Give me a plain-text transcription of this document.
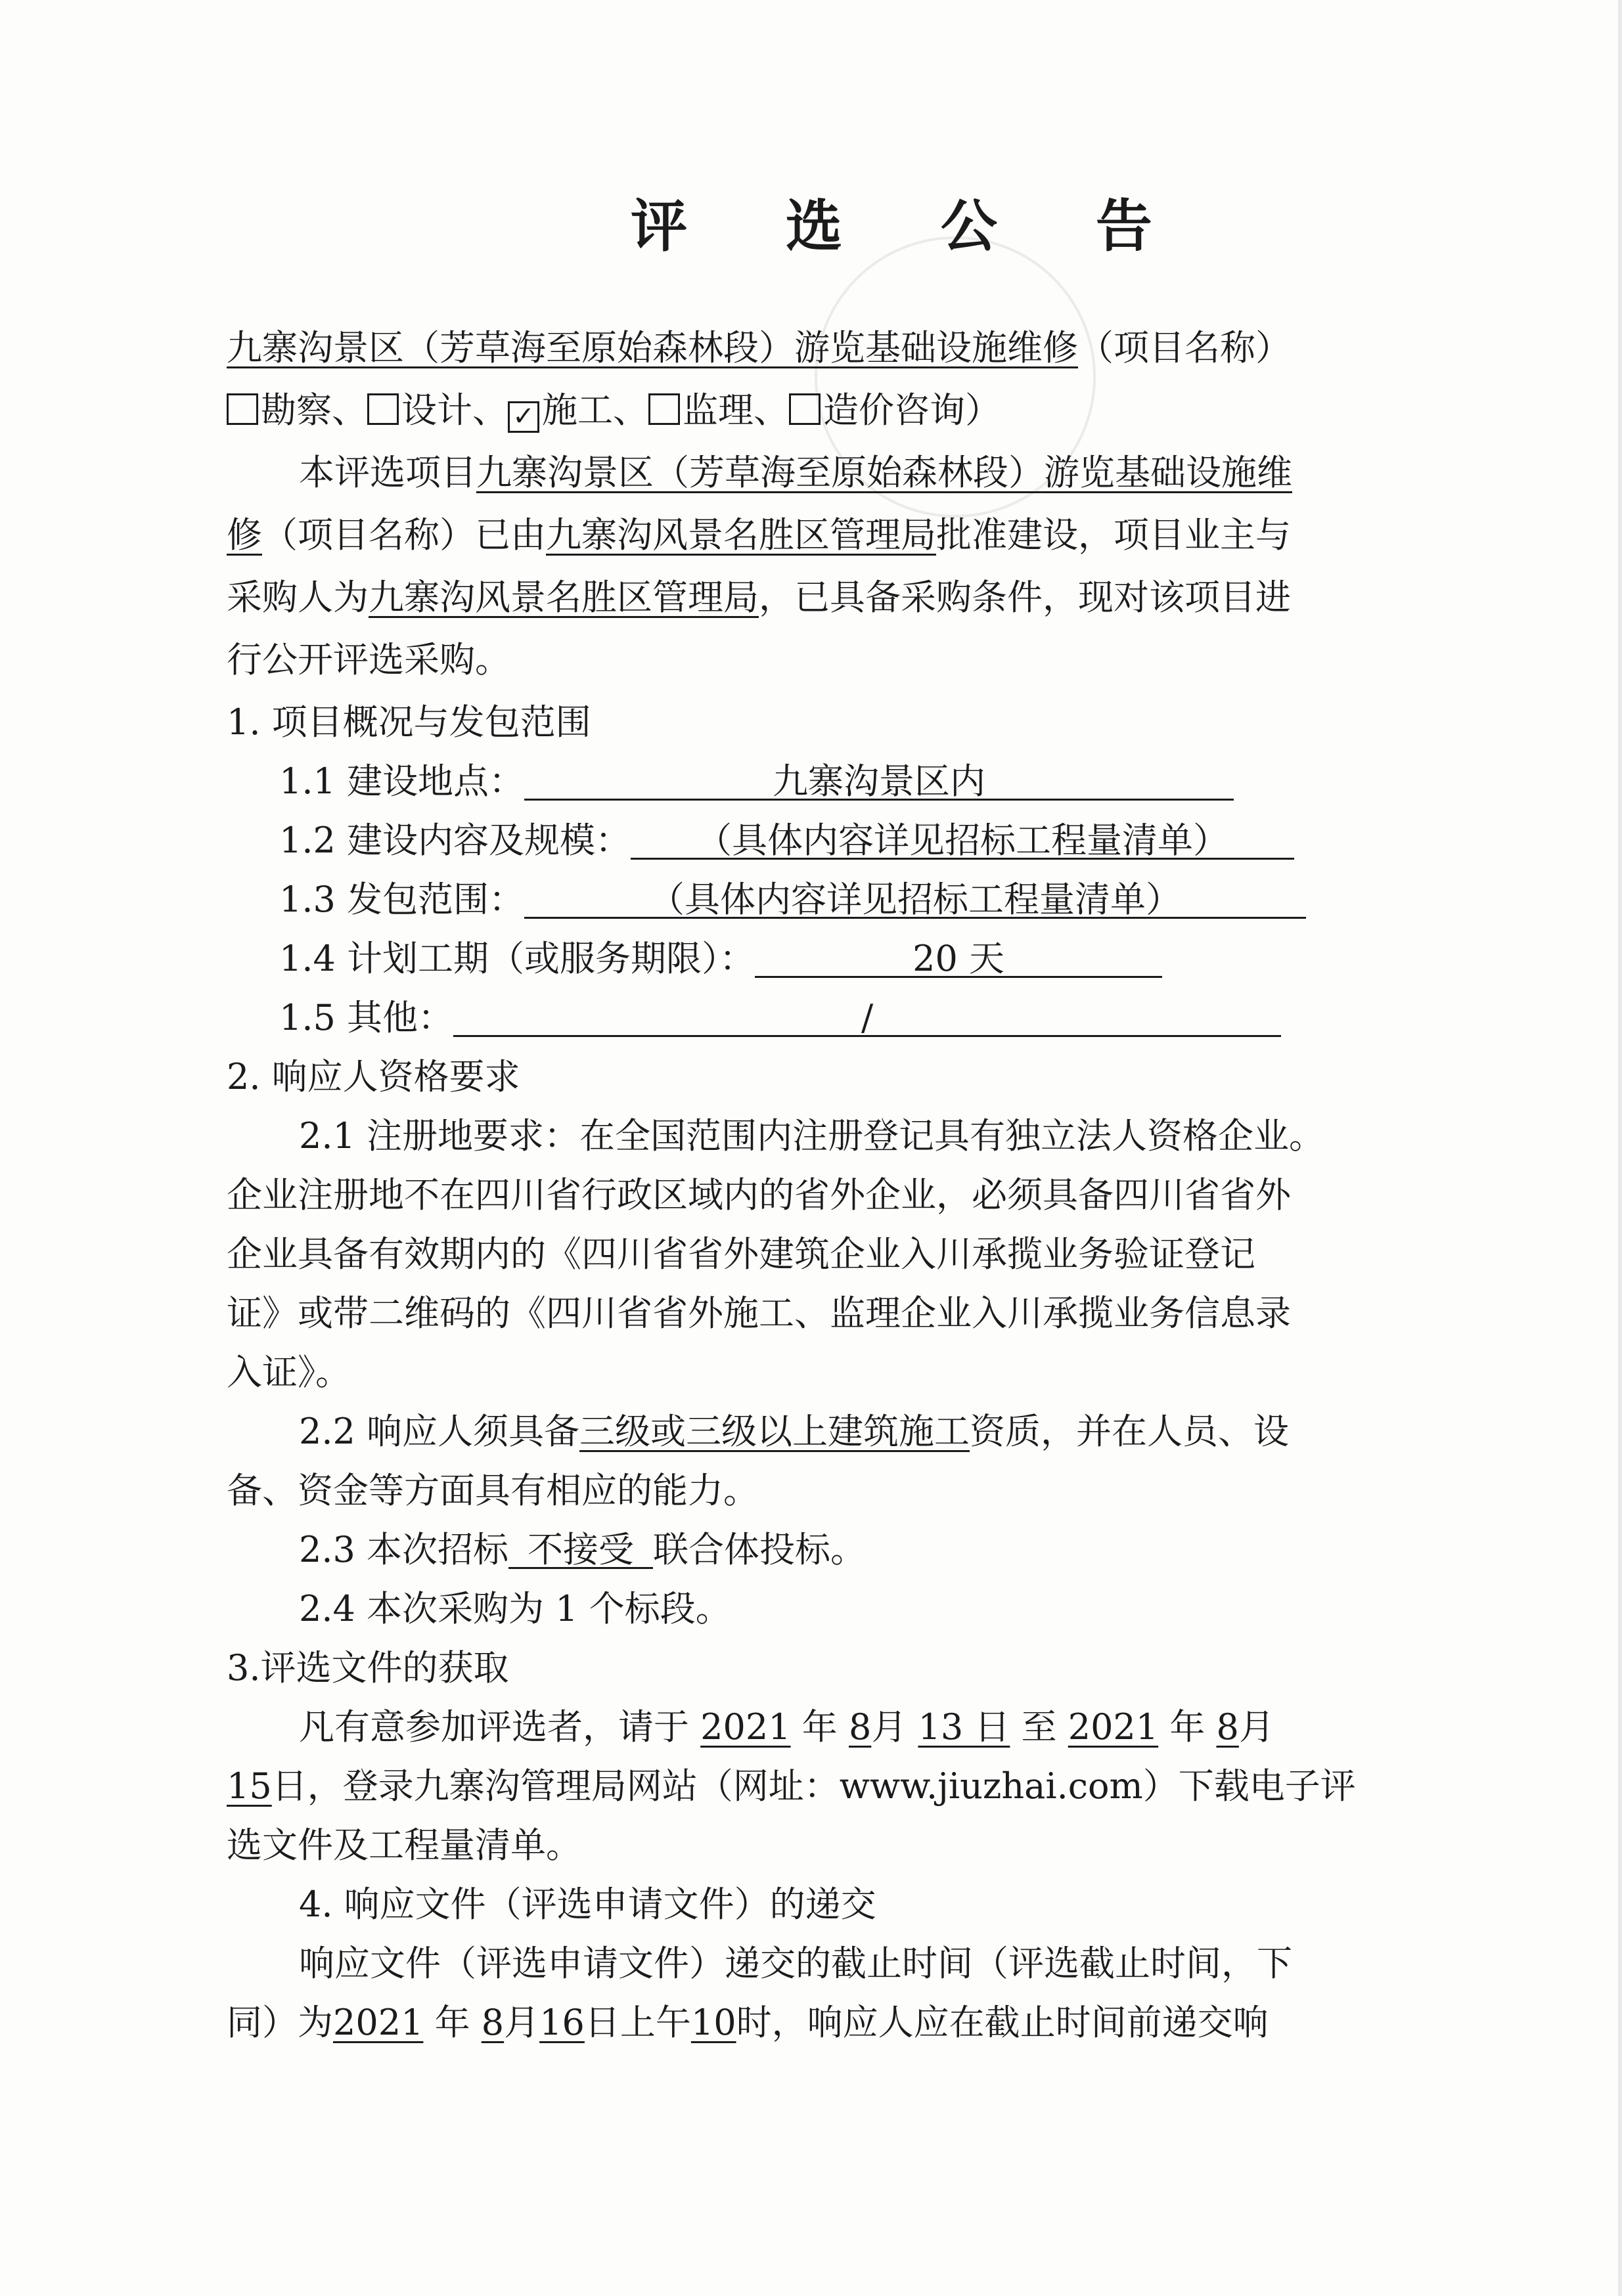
评 选 公 告
九寨沟景区（芳草海至原始森林段）游览基础设施维修（项目名称）
勘察、 设计、 ✓ 施工、 监理、 造价咨询）
本评选项目九寨沟景区（芳草海至原始森林段）游览基础设施维
修（项目名称）已由九寨沟风景名胜区管理局批准建设，项目业主与
采购人为九寨沟风景名胜区管理局，已具备采购条件，现对该项目进
行公开评选采购。
1. 项目概况与发包范围
1.1 建设地点：	九寨沟景区内
1.2 建设内容及规模： （具体内容详见招标工程量清单）
1.3 发包范围：	（具体内容详见招标工程量清单）
1.4 计划工期（或服务期限）：	20 天
1.5 其他：	/
2. 响应人资格要求
2.1 注册地要求：在全国范围内注册登记具有独立法人资格企业。
企业注册地不在四川省行政区域内的省外企业，必须具备四川省省外
企业具备有效期内的《四川省省外建筑企业入川承揽业务验证登记
证》或带二维码的《四川省省外施工、监理企业入川承揽业务信息录
入证》。
2.2 响应人须具备三级或三级以上建筑施工资质，并在人员、设
备、资金等方面具有相应的能力。
2.3 本次招标 不接受 联合体投标。
2.4 本次采购为 1 个标段。
3.评选文件的获取
凡有意参加评选者，请于 2021 年 8月 13 日 至 2021 年 8月
15日，登录九寨沟管理局网站（网址：www.jiuzhai.com）下载电子评
选文件及工程量清单。
4. 响应文件（评选申请文件）的递交
响应文件（评选申请文件）递交的截止时间（评选截止时间，下
同）为2021 年 8月16日上午10时，响应人应在截止时间前递交响
